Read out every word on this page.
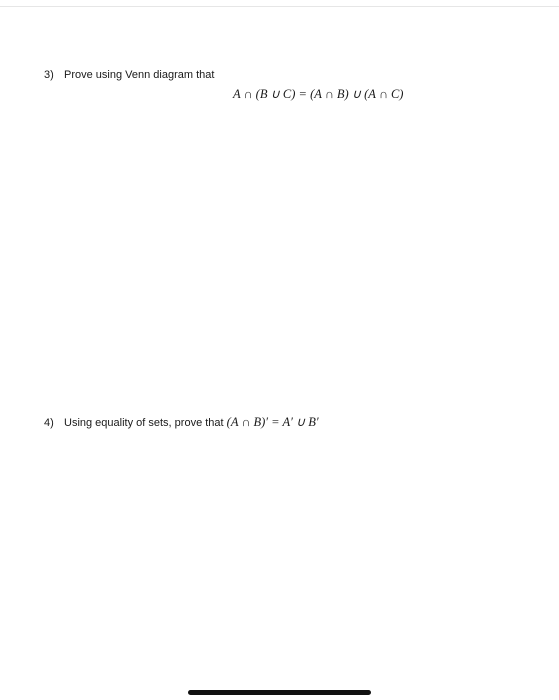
3) Prove using Venn diagram that
A ∩ (B ∪ C) = (A ∩ B) ∪ (A ∩ C)
4) Using equality of sets, prove that (A ∩ B)′ = A′ ∪ B′
